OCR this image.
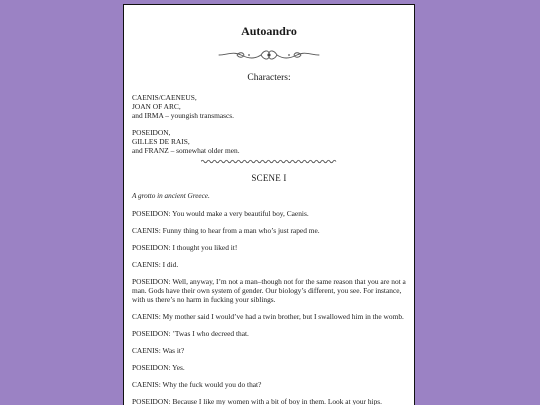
Autoandro
Characters:
CAENIS/CAENEUS,
JOAN OF ARC,
and IRMA – youngish transmascs.
POSEIDON,
GILLES DE RAIS,
and FRANZ – somewhat older men.
SCENE I
A grotto in ancient Greece.

POSEIDON: You would make a very beautiful boy, Caenis.

CAENIS: Funny thing to hear from a man who’s just raped me.

POSEIDON: I thought you liked it!

CAENIS: I did.

POSEIDON: Well, anyway, I’m not a man–though not for the same reason that you are not a man. Gods have their own system of gender. Our biology’s different, you see. For instance, with us there’s no harm in fucking your siblings.

CAENIS: My mother said I would’ve had a twin brother, but I swallowed him in the womb.

POSEIDON: ’Twas I who decreed that.

CAENIS: Was it?

POSEIDON: Yes.

CAENIS: Why the fuck would you do that?

POSEIDON: Because I like my women with a bit of boy in them. Look at your hips.
